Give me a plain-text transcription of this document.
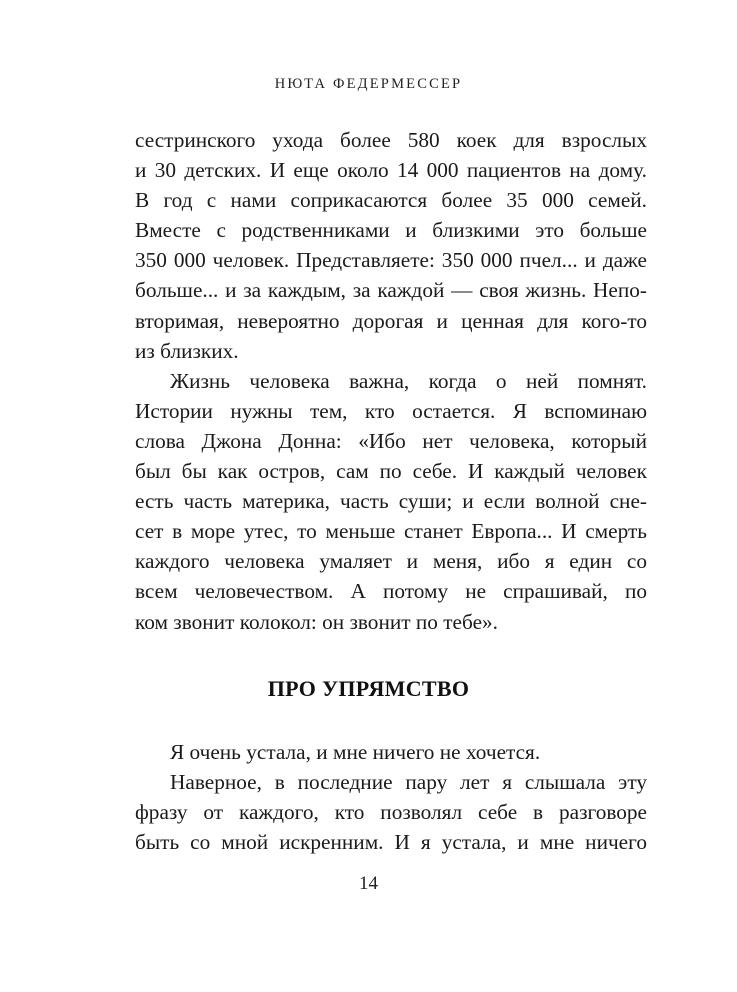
НЮТА ФЕДЕРМЕССЕР
сестринского ухода более 580 коек для взрослых
и 30 детских. И еще около 14 000 пациентов на дому.
В год с нами соприкасаются более 35 000 семей.
Вместе с родственниками и близкими это больше
350 000 человек. Представляете: 350 000 пчел... и даже
больше... и за каждым, за каждой — своя жизнь. Непо-
вторимая, невероятно дорогая и ценная для кого-то
из близких.
Жизнь человека важна, когда о ней помнят.
Истории нужны тем, кто остается. Я вспоминаю
слова Джона Донна: «Ибо нет человека, который
был бы как остров, сам по себе. И каждый человек
есть часть материка, часть суши; и если волной сне-
сет в море утес, то меньше станет Европа... И смерть
каждого человека умаляет и меня, ибо я един со
всем человечеством. А потому не спрашивай, по
ком звонит колокол: он звонит по тебе».
ПРО УПРЯМСТВО
Я очень устала, и мне ничего не хочется.
Наверное, в последние пару лет я слышала эту
фразу от каждого, кто позволял себе в разговоре
быть со мной искренним. И я устала, и мне ничего
14
